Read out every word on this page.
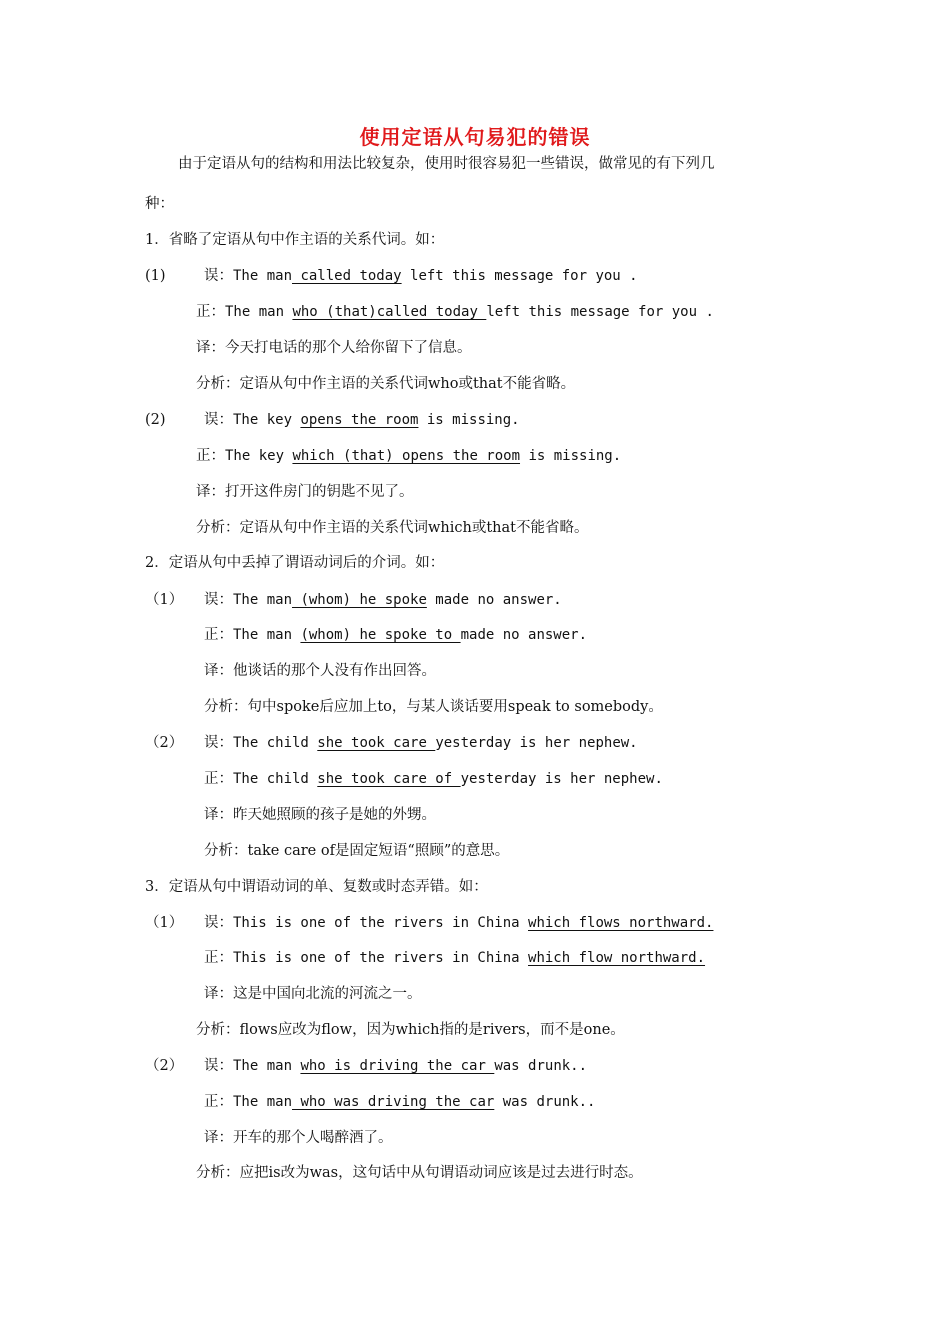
使用定语从句易犯的错误
由于定语从句的结构和用法比较复杂，使用时很容易犯一些错误，做常见的有下列几
种：
1．省略了定语从句中作主语的关系代词。如：
(1)	误：The man called today left this message for you .
正：The man who (that)called today left this message for you .
译：今天打电话的那个人给你留下了信息。
分析：定语从句中作主语的关系代词who或that不能省略。
(2)	误：The key opens the room is missing.
正：The key which (that) opens the room is missing.
译：打开这件房门的钥匙不见了。
分析：定语从句中作主语的关系代词which或that不能省略。
2．定语从句中丢掉了谓语动词后的介词。如：
（1） 误：The man (whom) he spoke made no answer.
正：The man (whom) he spoke to made no answer.
译：他谈话的那个人没有作出回答。
分析：句中spoke后应加上to，与某人谈话要用speak to somebody。
（2） 误：The child she took care yesterday is her nephew.
正：The child she took care of yesterday is her nephew.
译：昨天她照顾的孩子是她的外甥。
分析：take care of是固定短语“照顾”的意思。
3．定语从句中谓语动词的单、复数或时态弄错。如：
（1） 误：This is one of the rivers in China which flows northward.
正：This is one of the rivers in China which flow northward.
译：这是中国向北流的河流之一。
分析：flows应改为flow，因为which指的是rivers，而不是one。
（2） 误：The man who is driving the car was drunk..
正：The man who was driving the car was drunk..
译：开车的那个人喝醉酒了。
分析：应把is改为was，这句话中从句谓语动词应该是过去进行时态。
